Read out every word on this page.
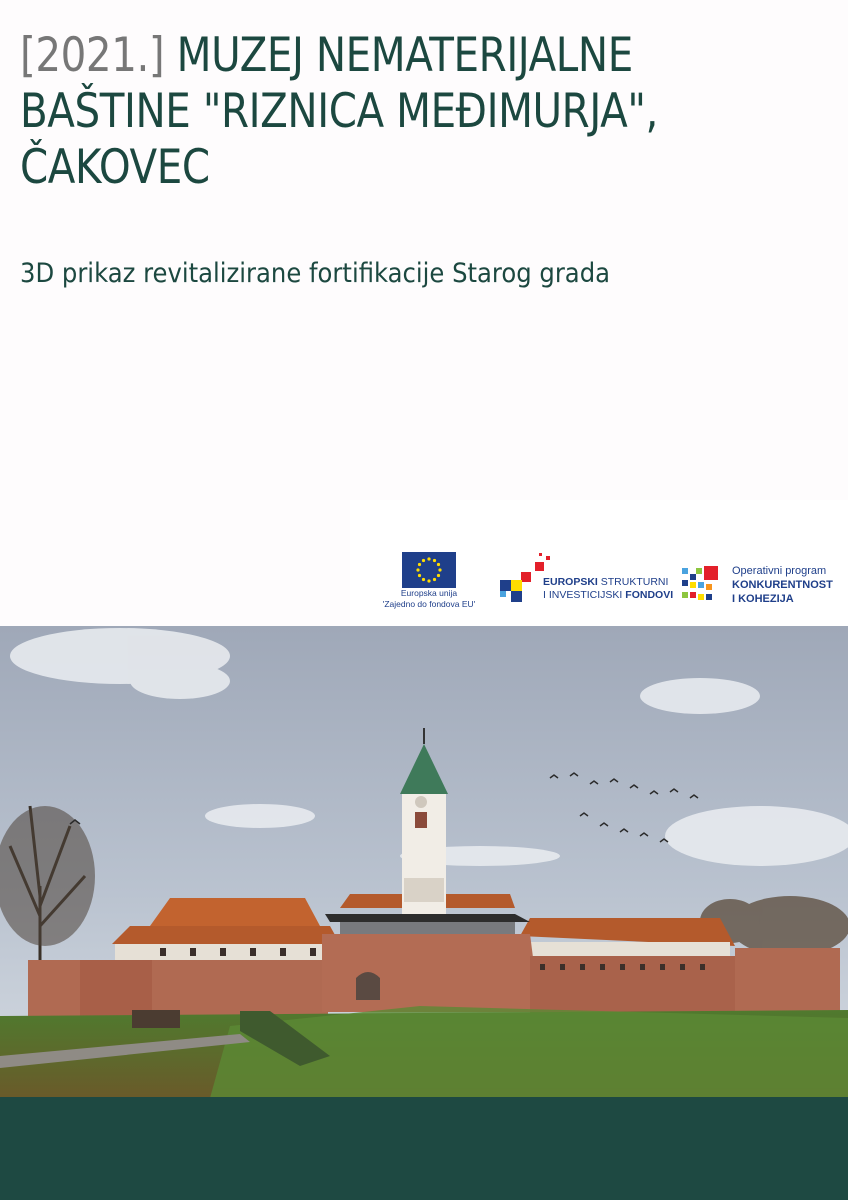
[2021.] MUZEJ NEMATERIJALNE
BAŠTINE "RIZNICA MEĐIMURJA",
ČAKOVEC
3D prikaz revitalizirane fortifikacije Starog grada
Europska unija
'Zajedno do fondova EU'
EUROPSKI STRUKTURNI
I INVESTICIJSKI FONDOVI
Operativni program
KONKURENTNOST
I KOHEZIJA
